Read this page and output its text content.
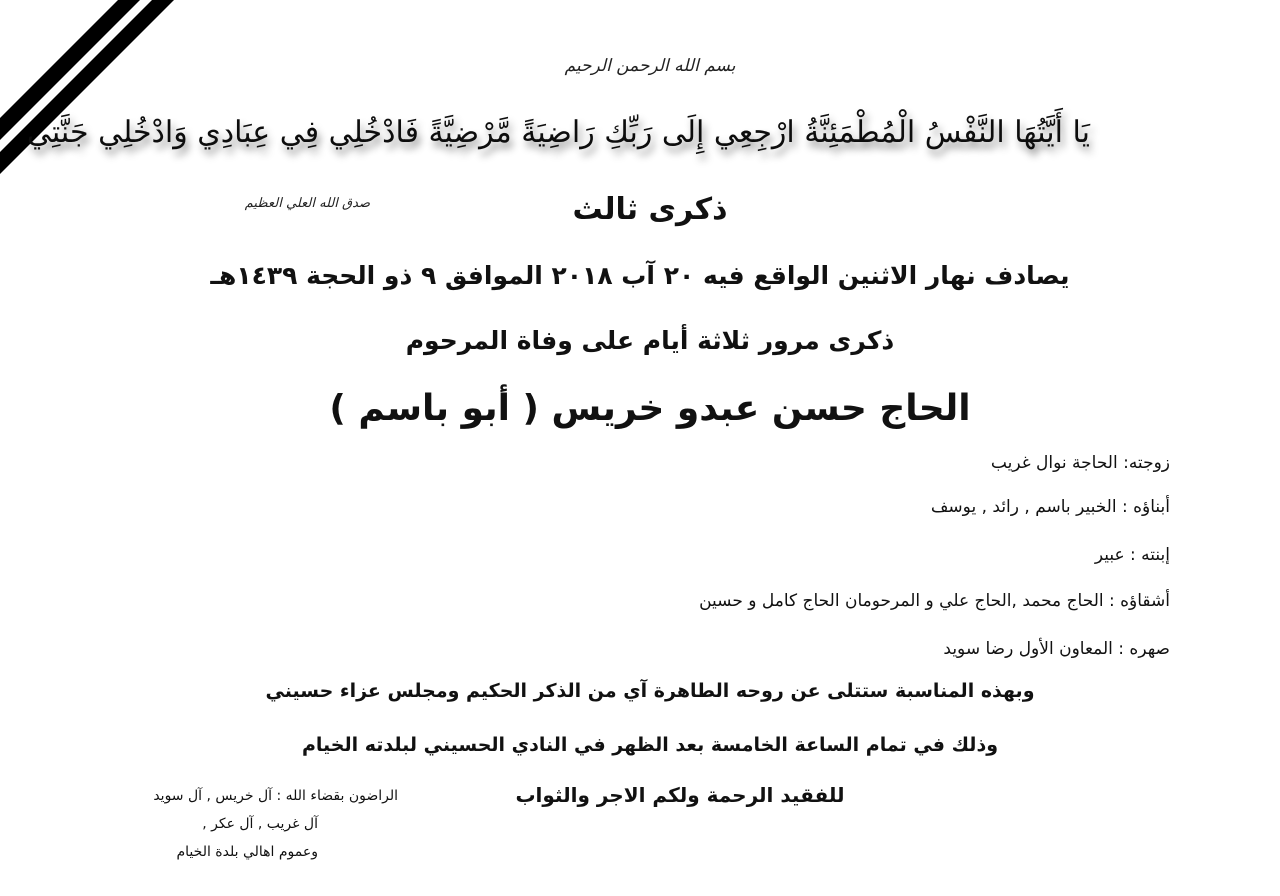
بسم الله الرحمن الرحيم
يَا أَيَّتُهَا النَّفْسُ الْمُطْمَئِنَّةُ ارْجِعِي إِلَى رَبِّكِ رَاضِيَةً مَّرْضِيَّةً فَادْخُلِي فِي عِبَادِي وَادْخُلِي جَنَّتِي
صدق الله العلي العظيم	ذكرى ثالث
يصادف نهار الاثنين الواقع فيه ٢٠ آب ٢٠١٨ الموافق ٩ ذو الحجة ١٤٣٩هـ
ذكرى مرور ثلاثة أيام على وفاة المرحوم
الحاج حسن عبدو خريس ( أبو باسم )
زوجته: الحاجة نوال غريب
أبناؤه : الخبير باسم , رائد , يوسف
إبنته : عبير
أشقاؤه : الحاج محمد ,الحاج علي و المرحومان الحاج كامل و حسين
صهره : المعاون الأول رضا سويد
وبهذه المناسبة ستتلى عن روحه الطاهرة آي من الذكر الحكيم ومجلس عزاء حسيني
وذلك في تمام الساعة الخامسة بعد الظهر في النادي الحسيني لبلدته الخيام
للفقيد الرحمة ولكم الاجر والثواب
الراضون بقضاء الله : آل خريس , آل سويد
آل غريب , آل عكر ,
وعموم اهالي بلدة الخيام
